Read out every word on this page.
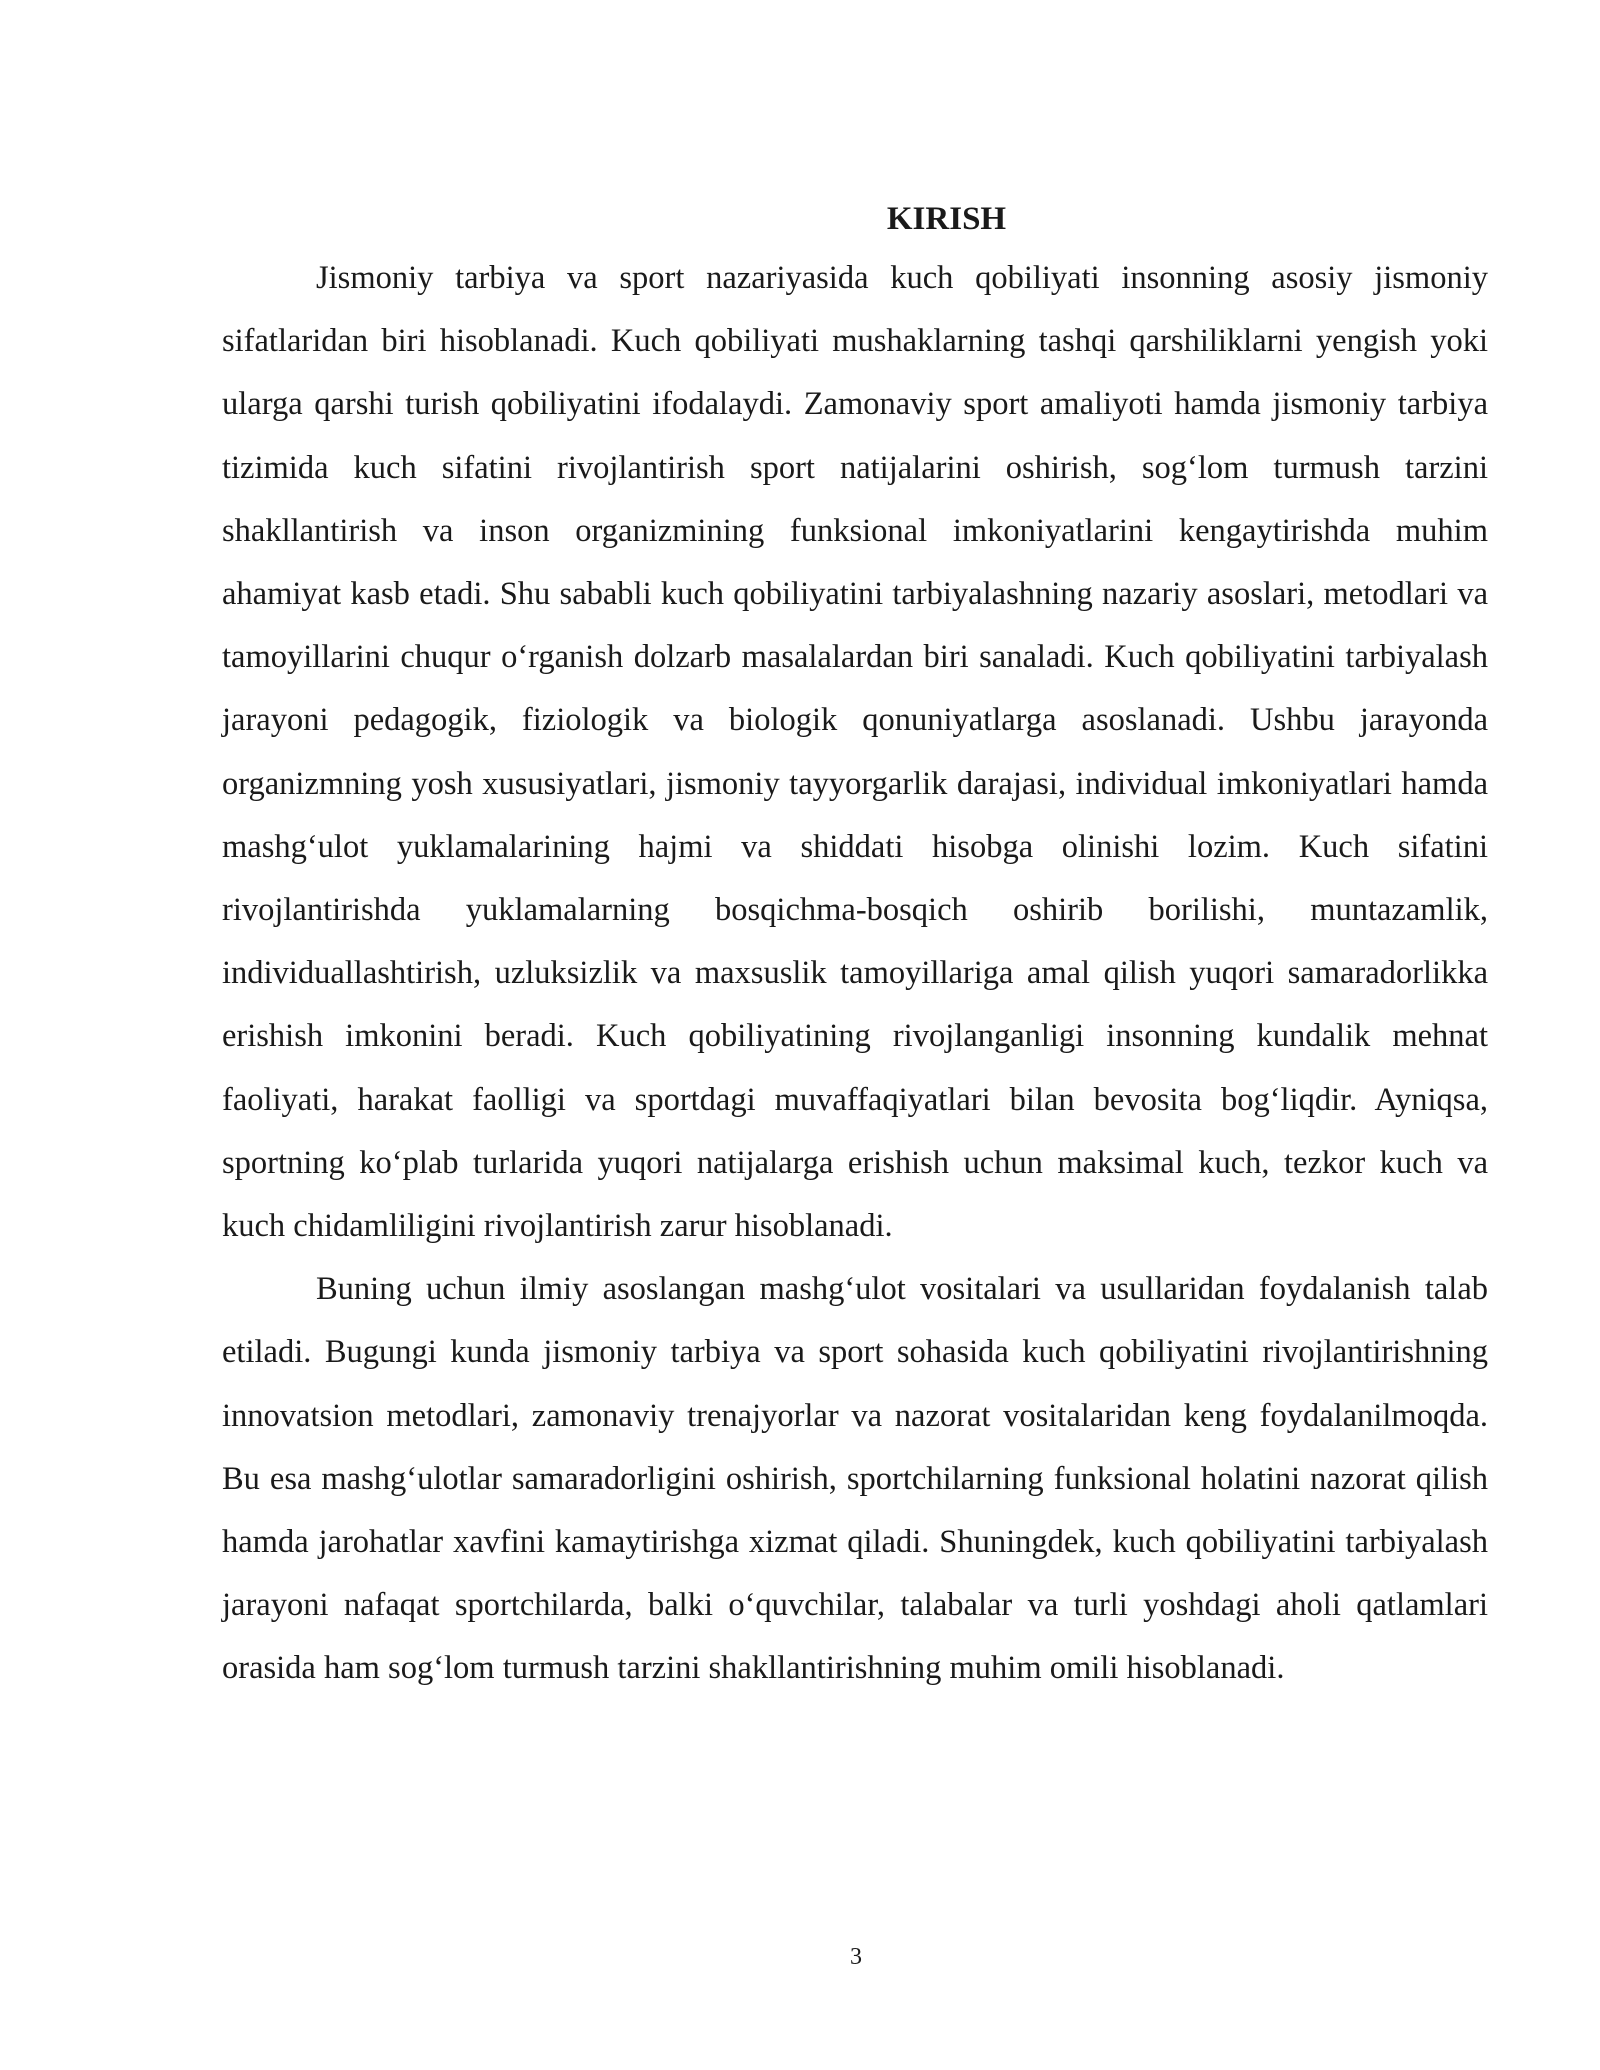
KIRISH

Jismoniy tarbiya va sport nazariyasida kuch qobiliyati insonning asosiy jismoniy sifatlaridan biri hisoblanadi. Kuch qobiliyati mushaklarning tashqi qarshiliklarni yengish yoki ularga qarshi turish qobiliyatini ifodalaydi. Zamonaviy sport amaliyoti hamda jismoniy tarbiya tizimida kuch sifatini rivojlantirish sport natijalarini oshirish, sog‘lom turmush tarzini shakllantirish va inson organizmining funksional imkoniyatlarini kengaytirishda muhim ahamiyat kasb etadi. Shu sababli kuch qobiliyatini tarbiyalashning nazariy asoslari, metodlari va tamoyillarini chuqur o‘rganish dolzarb masalalardan biri sanaladi. Kuch qobiliyatini tarbiyalash jarayoni pedagogik, fiziologik va biologik qonuniyatlarga asoslanadi. Ushbu jarayonda organizmning yosh xususiyatlari, jismoniy tayyorgarlik darajasi, individual imkoniyatlari hamda mashg‘ulot yuklamalarining hajmi va shiddati hisobga olinishi lozim. Kuch sifatini rivojlantirishda yuklamalarning bosqichma-bosqich oshirib borilishi, muntazamlik, individuallashtirish, uzluksizlik va maxsuslik tamoyillariga amal qilish yuqori samaradorlikka erishish imkonini beradi. Kuch qobiliyatining rivojlanganligi insonning kundalik mehnat faoliyati, harakat faolligi va sportdagi muvaffaqiyatlari bilan bevosita bog‘liqdir. Ayniqsa, sportning ko‘plab turlarida yuqori natijalarga erishish uchun maksimal kuch, tezkor kuch va kuch chidamliligini rivojlantirish zarur hisoblanadi.

Buning uchun ilmiy asoslangan mashg‘ulot vositalari va usullaridan foydalanish talab etiladi. Bugungi kunda jismoniy tarbiya va sport sohasida kuch qobiliyatini rivojlantirishning innovatsion metodlari, zamonaviy trenajyorlar va nazorat vositalaridan keng foydalanilmoqda. Bu esa mashg‘ulotlar samaradorligini oshirish, sportchilarning funksional holatini nazorat qilish hamda jarohatlar xavfini kamaytirishga xizmat qiladi. Shuningdek, kuch qobiliyatini tarbiyalash jarayoni nafaqat sportchilarda, balki o‘quvchilar, talabalar va turli yoshdagi aholi qatlamlari orasida ham sog‘lom turmush tarzini shakllantirishning muhim omili hisoblanadi.

3
